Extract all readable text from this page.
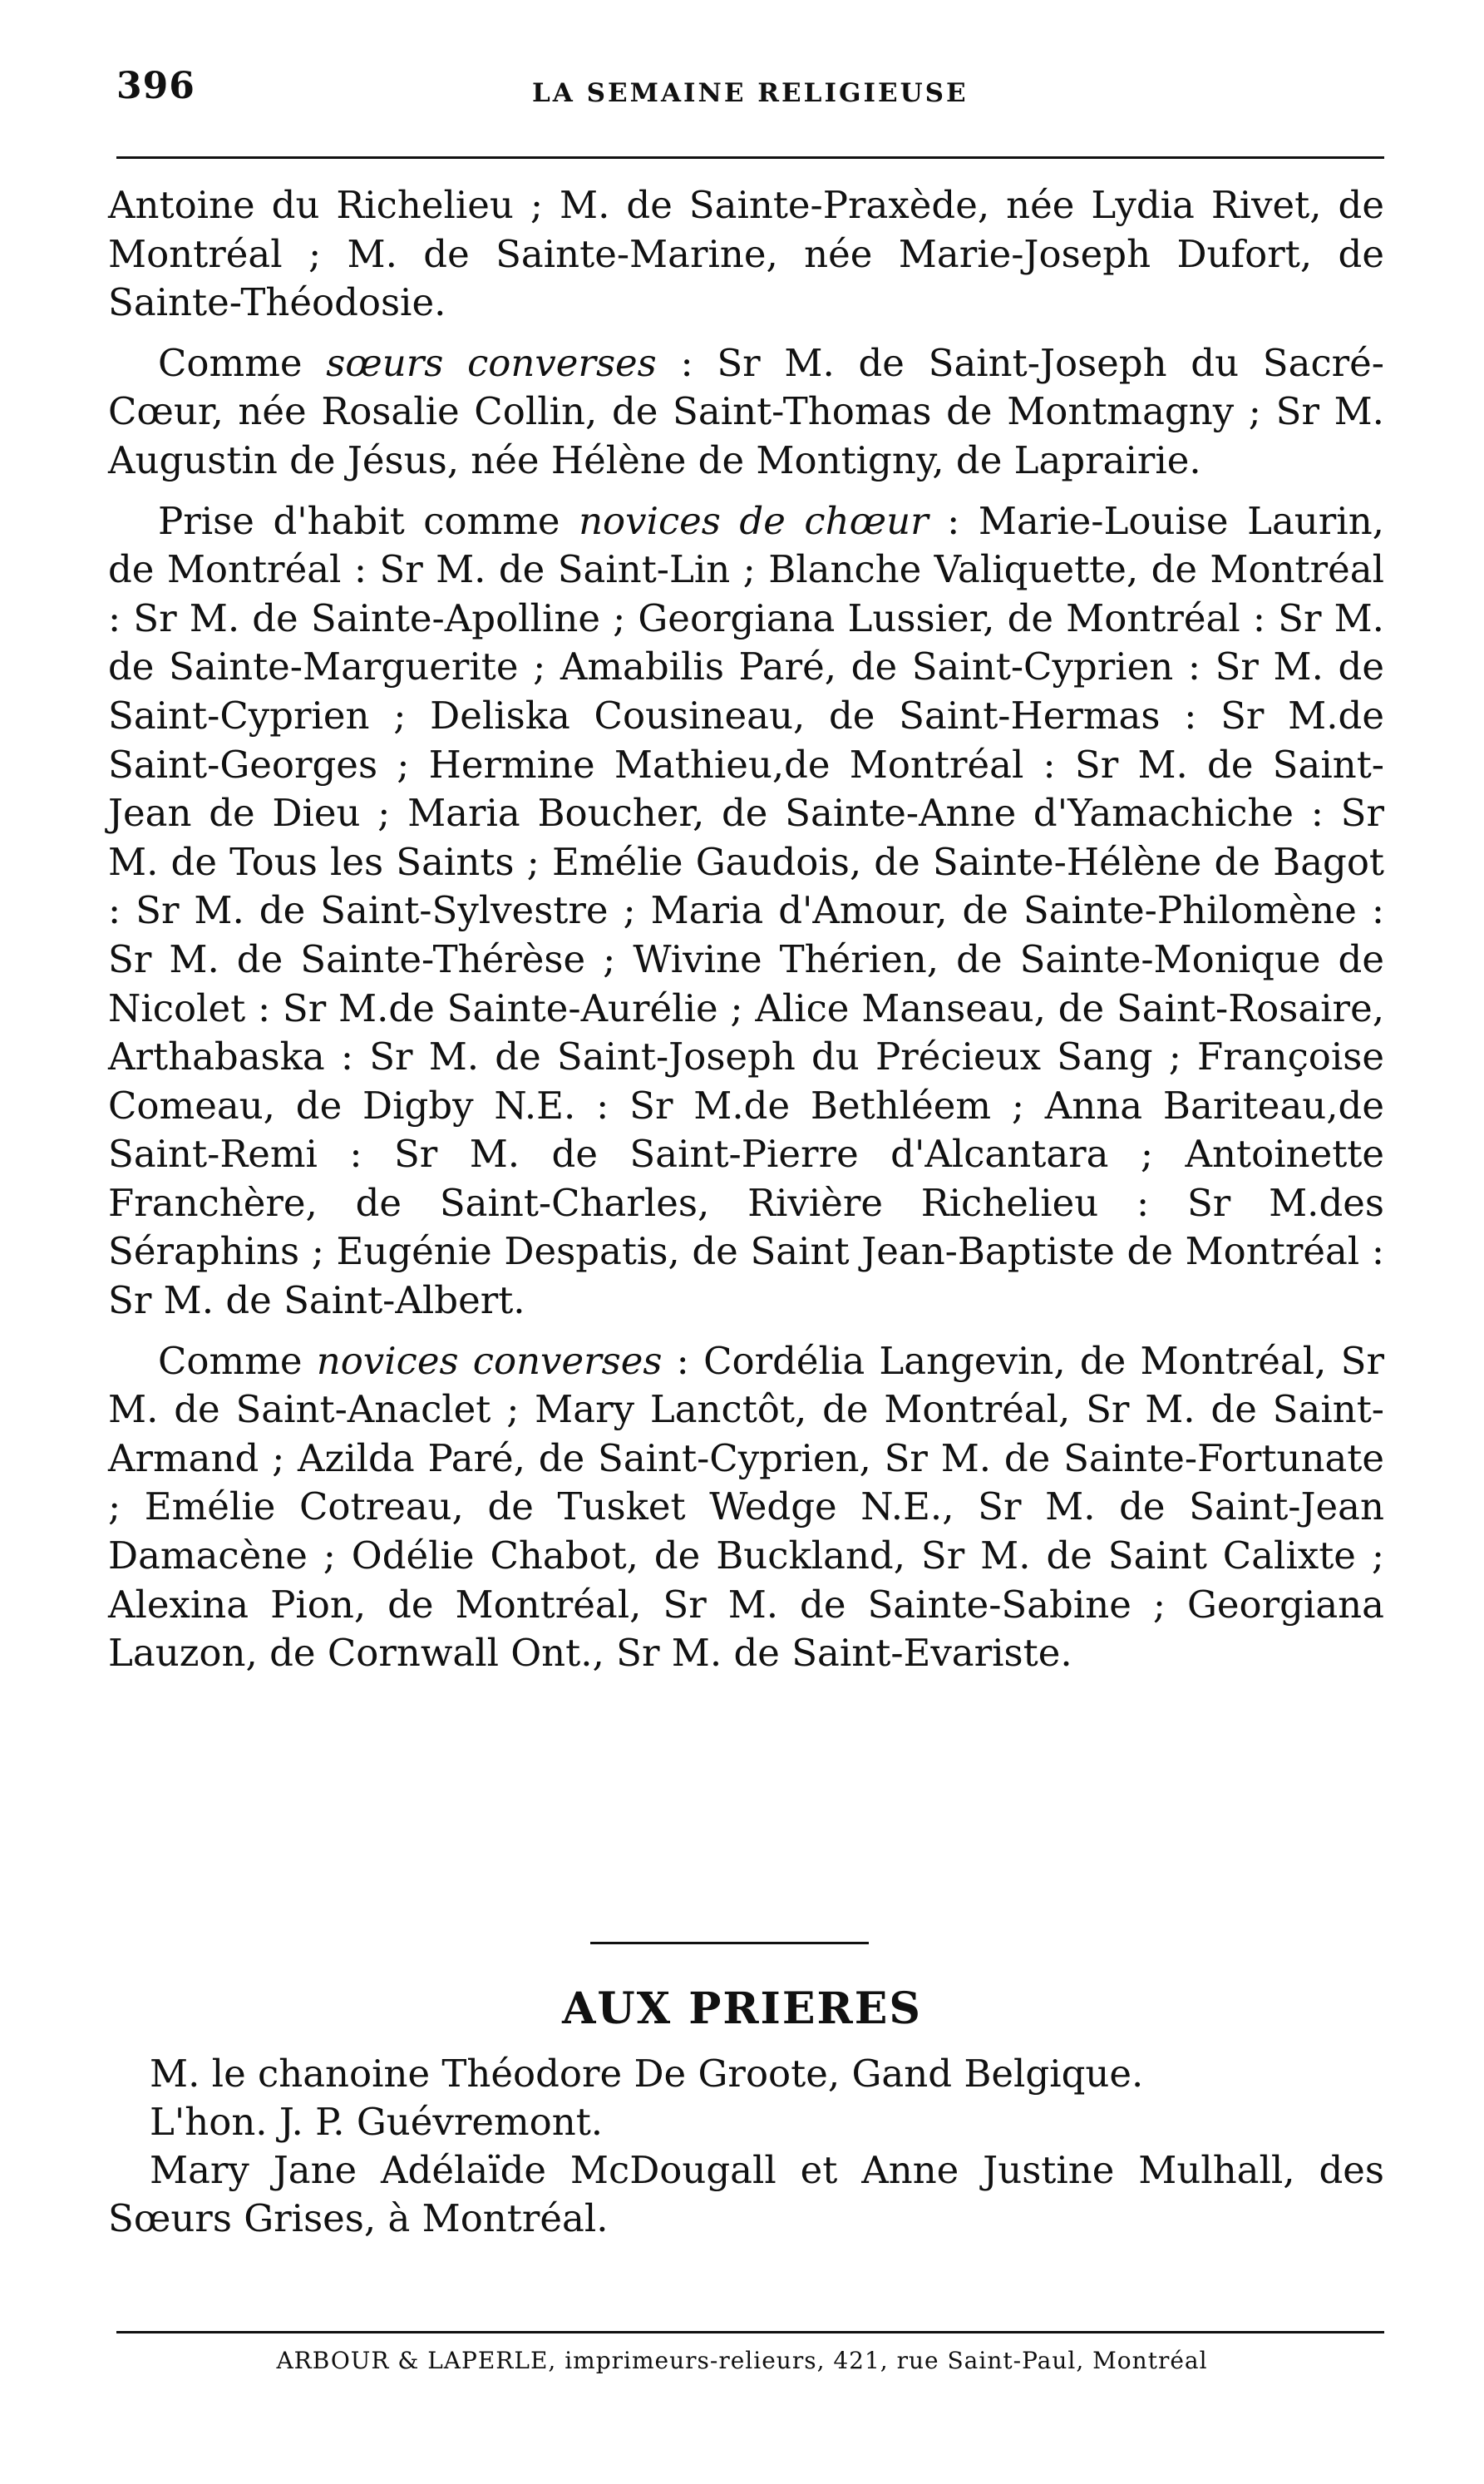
396	LA SEMAINE RELIGIEUSE

Antoine du Richelieu ; M. de Sainte-Praxède, née Lydia Rivet, de Montréal ; M. de Sainte-Marine, née Marie-Joseph Dufort, de Sainte-Théodosie.

Comme sœurs converses : Sr M. de Saint-Joseph du Sacré-Cœur, née Rosalie Collin, de Saint-Thomas de Montmagny ; Sr M. Augustin de Jésus, née Hélène de Montigny, de Laprairie.

Prise d'habit comme novices de chœur : Marie-Louise Laurin, de Montréal : Sr M. de Saint-Lin ; Blanche Valiquette, de Montréal : Sr M. de Sainte-Apolline ; Georgiana Lussier, de Montréal : Sr M. de Sainte-Marguerite ; Amabilis Paré, de Saint-Cyprien : Sr M. de Saint-Cyprien ; Deliska Cousineau, de Saint-Hermas : Sr M.de Saint-Georges ; Hermine Mathieu,de Montréal : Sr M. de Saint-Jean de Dieu ; Maria Boucher, de Sainte-Anne d'Yamachiche : Sr M. de Tous les Saints ; Emélie Gaudois, de Sainte-Hélène de Bagot : Sr M. de Saint-Sylvestre ; Maria d'Amour, de Sainte-Philomène : Sr M. de Sainte-Thérèse ; Wivine Thérien, de Sainte-Monique de Nicolet : Sr M.de Sainte-Aurélie ; Alice Manseau, de Saint-Rosaire, Arthabaska : Sr M. de Saint-Joseph du Précieux Sang ; Françoise Comeau, de Digby N.E. : Sr M.de Bethléem ; Anna Bariteau,de Saint-Remi : Sr M. de Saint-Pierre d'Alcantara ; Antoinette Franchère, de Saint-Charles, Rivière Richelieu : Sr M.des Séraphins ; Eugénie Despatis, de Saint Jean-Baptiste de Montréal : Sr M. de Saint-Albert.

Comme novices converses : Cordélia Langevin, de Montréal, Sr M. de Saint-Anaclet ; Mary Lanctôt, de Montréal, Sr M. de Saint-Armand ; Azilda Paré, de Saint-Cyprien, Sr M. de Sainte-Fortunate ; Emélie Cotreau, de Tusket Wedge N.E., Sr M. de Saint-Jean Damacène ; Odélie Chabot, de Buckland, Sr M. de Saint Calixte ; Alexina Pion, de Montréal, Sr M. de Sainte-Sabine ; Georgiana Lauzon, de Cornwall Ont., Sr M. de Saint-Evariste.

AUX PRIERES

M. le chanoine Théodore De Groote, Gand Belgique.

L'hon. J. P. Guévremont.

Mary Jane Adélaïde McDougall et Anne Justine Mulhall, des Sœurs Grises, à Montréal.

ARBOUR & LAPERLE, imprimeurs-relieurs, 421, rue Saint-Paul, Montréal
